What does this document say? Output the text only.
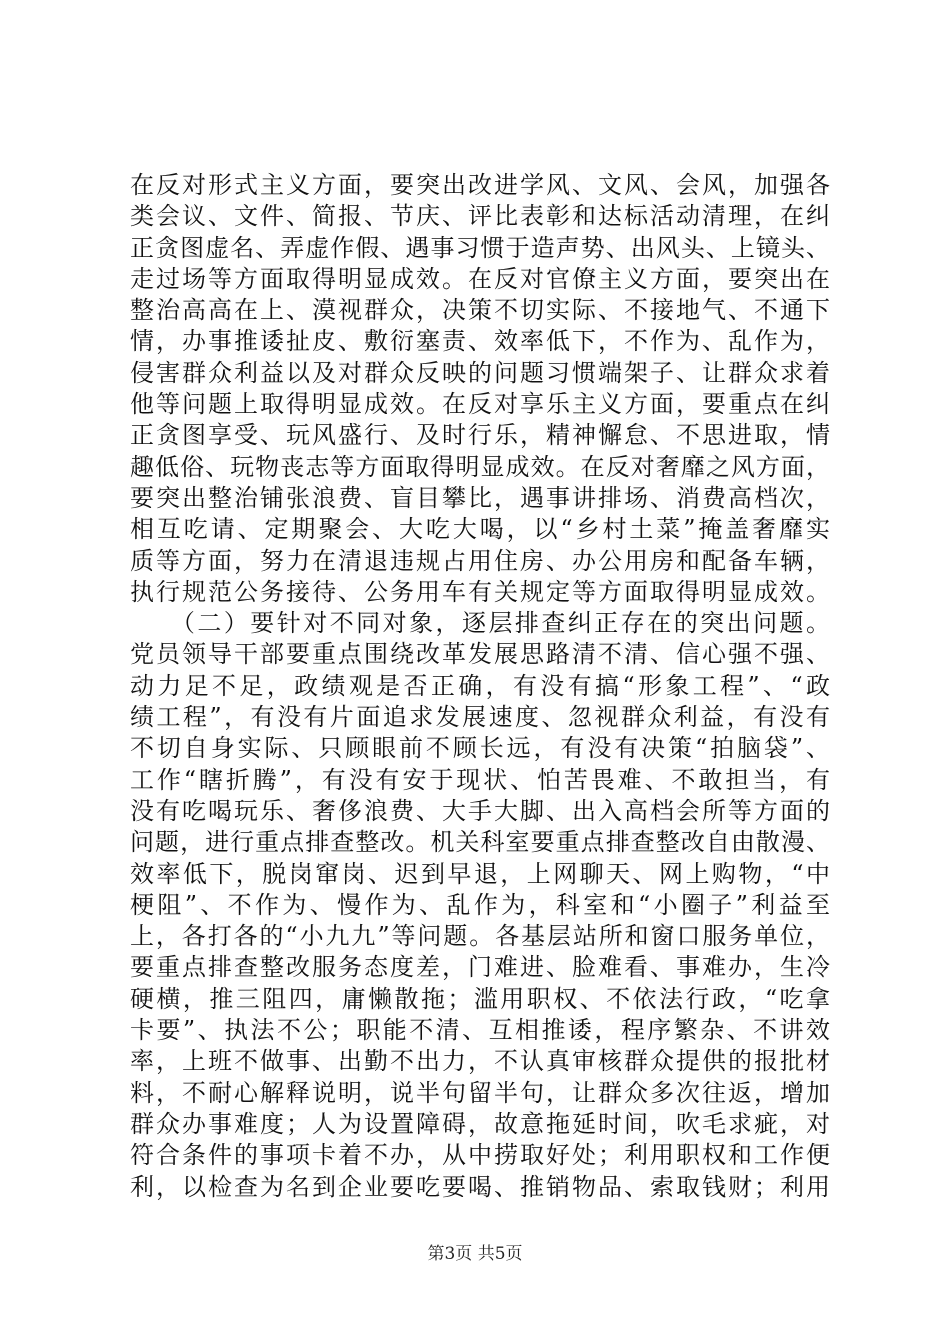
在反对形式主义方面，要突出改进学风、文风、会风，加强各
类会议、文件、简报、节庆、评比表彰和达标活动清理，在纠
正贪图虚名、弄虚作假、遇事习惯于造声势、出风头、上镜头、
走过场等方面取得明显成效。在反对官僚主义方面，要突出在
整治高高在上、漠视群众，决策不切实际、不接地气、不通下
情，办事推诿扯皮、敷衍塞责、效率低下，不作为、乱作为，
侵害群众利益以及对群众反映的问题习惯端架子、让群众求着
他等问题上取得明显成效。在反对享乐主义方面，要重点在纠
正贪图享受、玩风盛行、及时行乐，精神懈怠、不思进取，情
趣低俗、玩物丧志等方面取得明显成效。在反对奢靡之风方面，
要突出整治铺张浪费、盲目攀比，遇事讲排场、消费高档次，
相互吃请、定期聚会、大吃大喝，以“乡村土菜”掩盖奢靡实
质等方面，努力在清退违规占用住房、办公用房和配备车辆，
执行规范公务接待、公务用车有关规定等方面取得明显成效。
　　（二）要针对不同对象，逐层排查纠正存在的突出问题。
党员领导干部要重点围绕改革发展思路清不清、信心强不强、
动力足不足，政绩观是否正确，有没有搞“形象工程”、“政
绩工程”，有没有片面追求发展速度、忽视群众利益，有没有
不切自身实际、只顾眼前不顾长远，有没有决策“拍脑袋”、
工作“瞎折腾”，有没有安于现状、怕苦畏难、不敢担当，有
没有吃喝玩乐、奢侈浪费、大手大脚、出入高档会所等方面的
问题，进行重点排查整改。机关科室要重点排查整改自由散漫、
效率低下，脱岗窜岗、迟到早退，上网聊天、网上购物，“中
梗阻”、不作为、慢作为、乱作为，科室和“小圈子”利益至
上，各打各的“小九九”等问题。各基层站所和窗口服务单位，
要重点排查整改服务态度差，门难进、脸难看、事难办，生冷
硬横，推三阻四，庸懒散拖；滥用职权、不依法行政，“吃拿
卡要”、执法不公；职能不清、互相推诿，程序繁杂、不讲效
率，上班不做事、出勤不出力，不认真审核群众提供的报批材
料，不耐心解释说明，说半句留半句，让群众多次往返，增加
群众办事难度；人为设置障碍，故意拖延时间，吹毛求疵，对
符合条件的事项卡着不办，从中捞取好处；利用职权和工作便
利，以检查为名到企业要吃要喝、推销物品、索取钱财；利用
第3页 共5页
